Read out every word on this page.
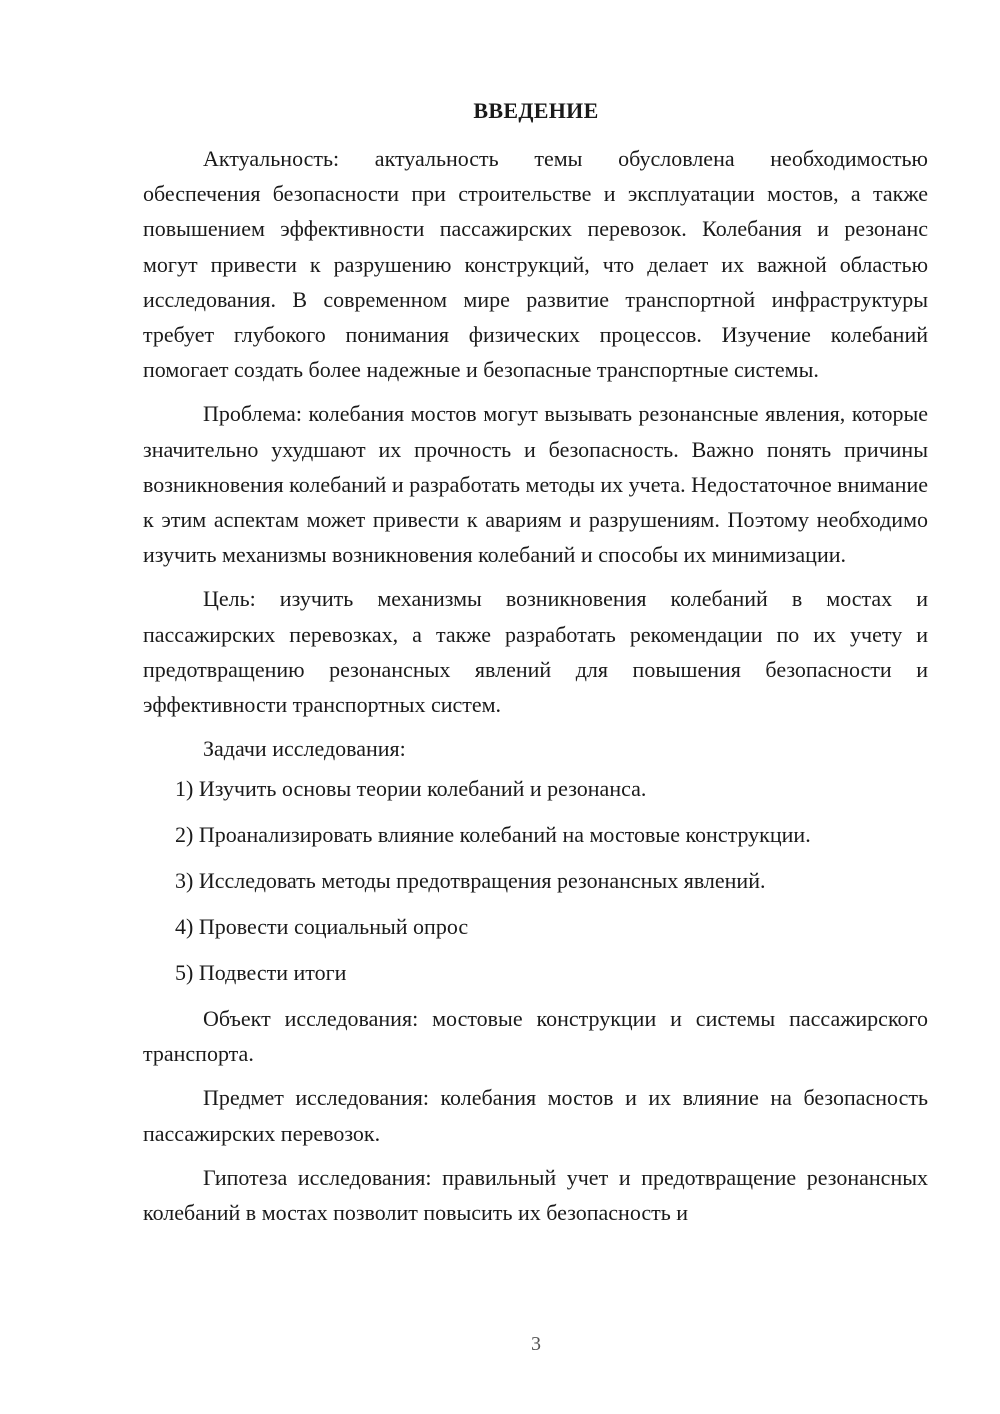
ВВЕДЕНИЕ

Актуальность: актуальность темы обусловлена необходимостью обеспечения безопасности при строительстве и эксплуатации мостов, а также повышением эффективности пассажирских перевозок. Колебания и резонанс могут привести к разрушению конструкций, что делает их важной областью исследования. В современном мире развитие транспортной инфраструктуры требует глубокого понимания физических процессов. Изучение колебаний помогает создать более надежные и безопасные транспортные системы.

Проблема: колебания мостов могут вызывать резонансные явления, которые значительно ухудшают их прочность и безопасность. Важно понять причины возникновения колебаний и разработать методы их учета. Недостаточное внимание к этим аспектам может привести к авариям и разрушениям. Поэтому необходимо изучить механизмы возникновения колебаний и способы их минимизации.

Цель: изучить механизмы возникновения колебаний в мостах и пассажирских перевозках, а также разработать рекомендации по их учету и предотвращению резонансных явлений для повышения безопасности и эффективности транспортных систем.

Задачи исследования:

1) Изучить основы теории колебаний и резонанса.
2) Проанализировать влияние колебаний на мостовые конструкции.
3) Исследовать методы предотвращения резонансных явлений.
4) Провести социальный опрос
5) Подвести итоги

Объект исследования: мостовые конструкции и системы пассажирского транспорта.

Предмет исследования: колебания мостов и их влияние на безопасность пассажирских перевозок.

Гипотеза исследования: правильный учет и предотвращение резонансных колебаний в мостах позволит повысить их безопасность и

3
